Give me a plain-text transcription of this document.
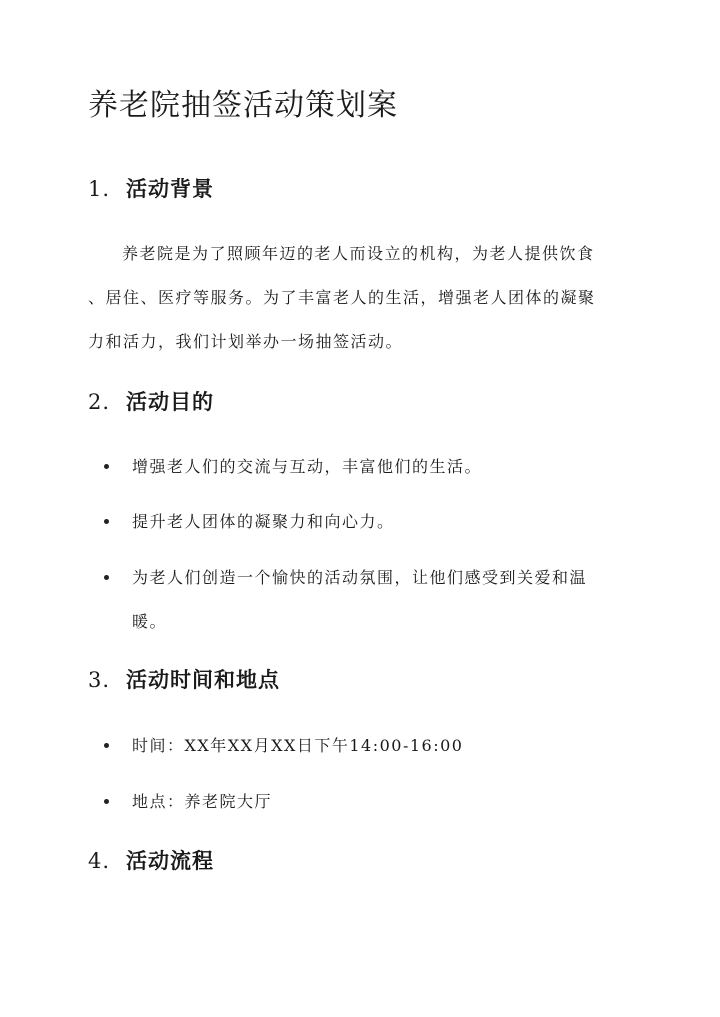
养老院抽签活动策划案
1. 活动背景
养老院是为了照顾年迈的老人而设立的机构，为老人提供饮食
、居住、医疗等服务。为了丰富老人的生活，增强老人团体的凝聚
力和活力，我们计划举办一场抽签活动。
2. 活动目的
增强老人们的交流与互动，丰富他们的生活。
提升老人团体的凝聚力和向心力。
为老人们创造一个愉快的活动氛围，让他们感受到关爱和温
暖。
3. 活动时间和地点
时间：XX年XX月XX日下午14:00-16:00
地点：养老院大厅
4. 活动流程
